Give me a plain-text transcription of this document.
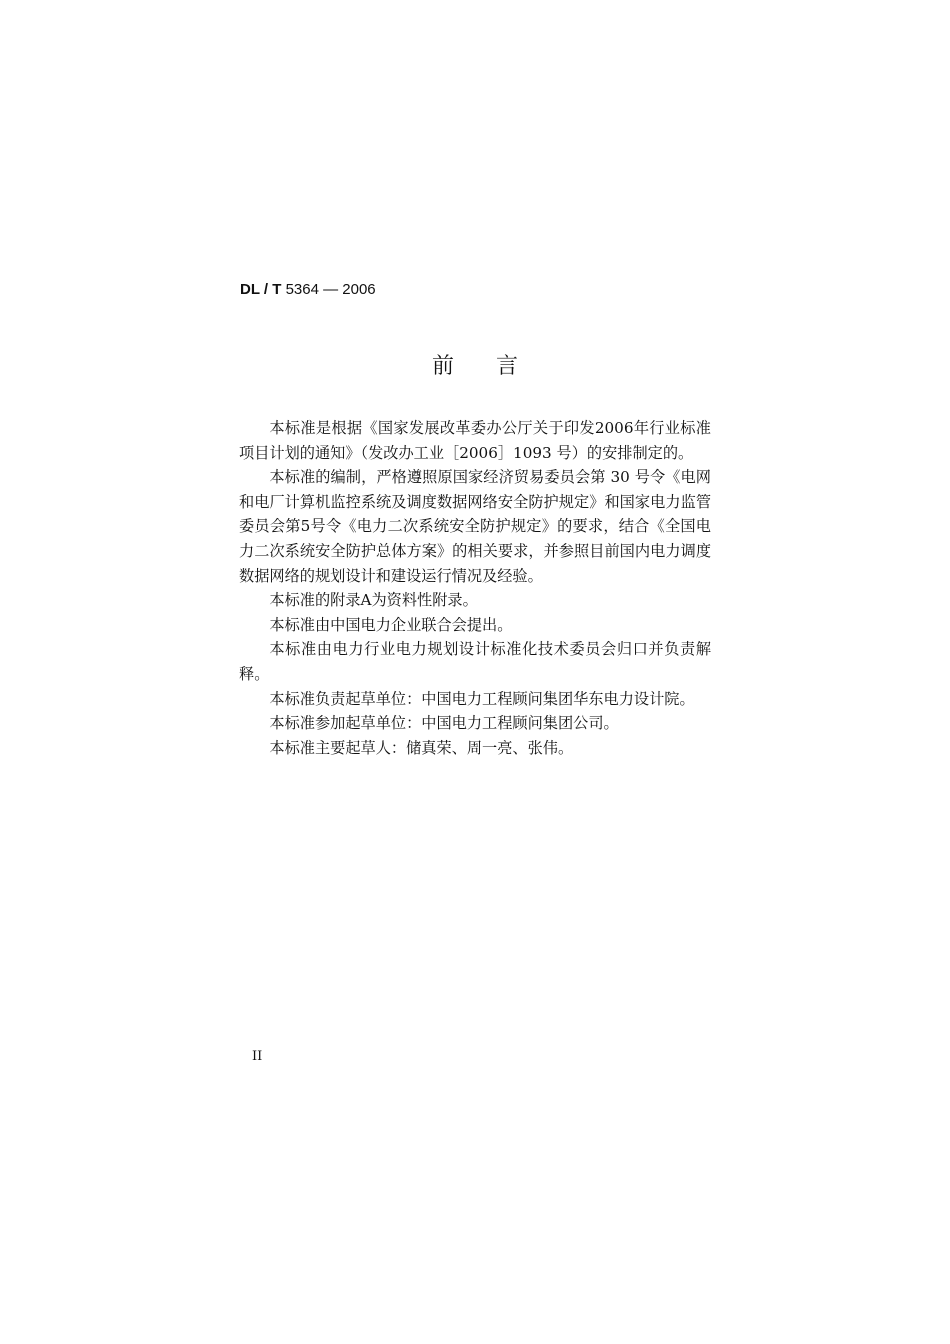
DL / T 5364 — 2006
前 言

本标准是根据《国家发展改革委办公厅关于印发2006年行业标准项目计划的通知》（发改办工业［2006］1093 号）的安排制定的。

本标准的编制，严格遵照原国家经济贸易委员会第 30 号令《电网和电厂计算机监控系统及调度数据网络安全防护规定》和国家电力监管委员会第5号令《电力二次系统安全防护规定》的要求，结合《全国电力二次系统安全防护总体方案》的相关要求，并参照目前国内电力调度数据网络的规划设计和建设运行情况及经验。

本标准的附录A为资料性附录。

本标准由中国电力企业联合会提出。

本标准由电力行业电力规划设计标准化技术委员会归口并负责解释。

本标准负责起草单位：中国电力工程顾问集团华东电力设计院。

本标准参加起草单位：中国电力工程顾问集团公司。

本标准主要起草人：储真荣、周一亮、张伟。

II
